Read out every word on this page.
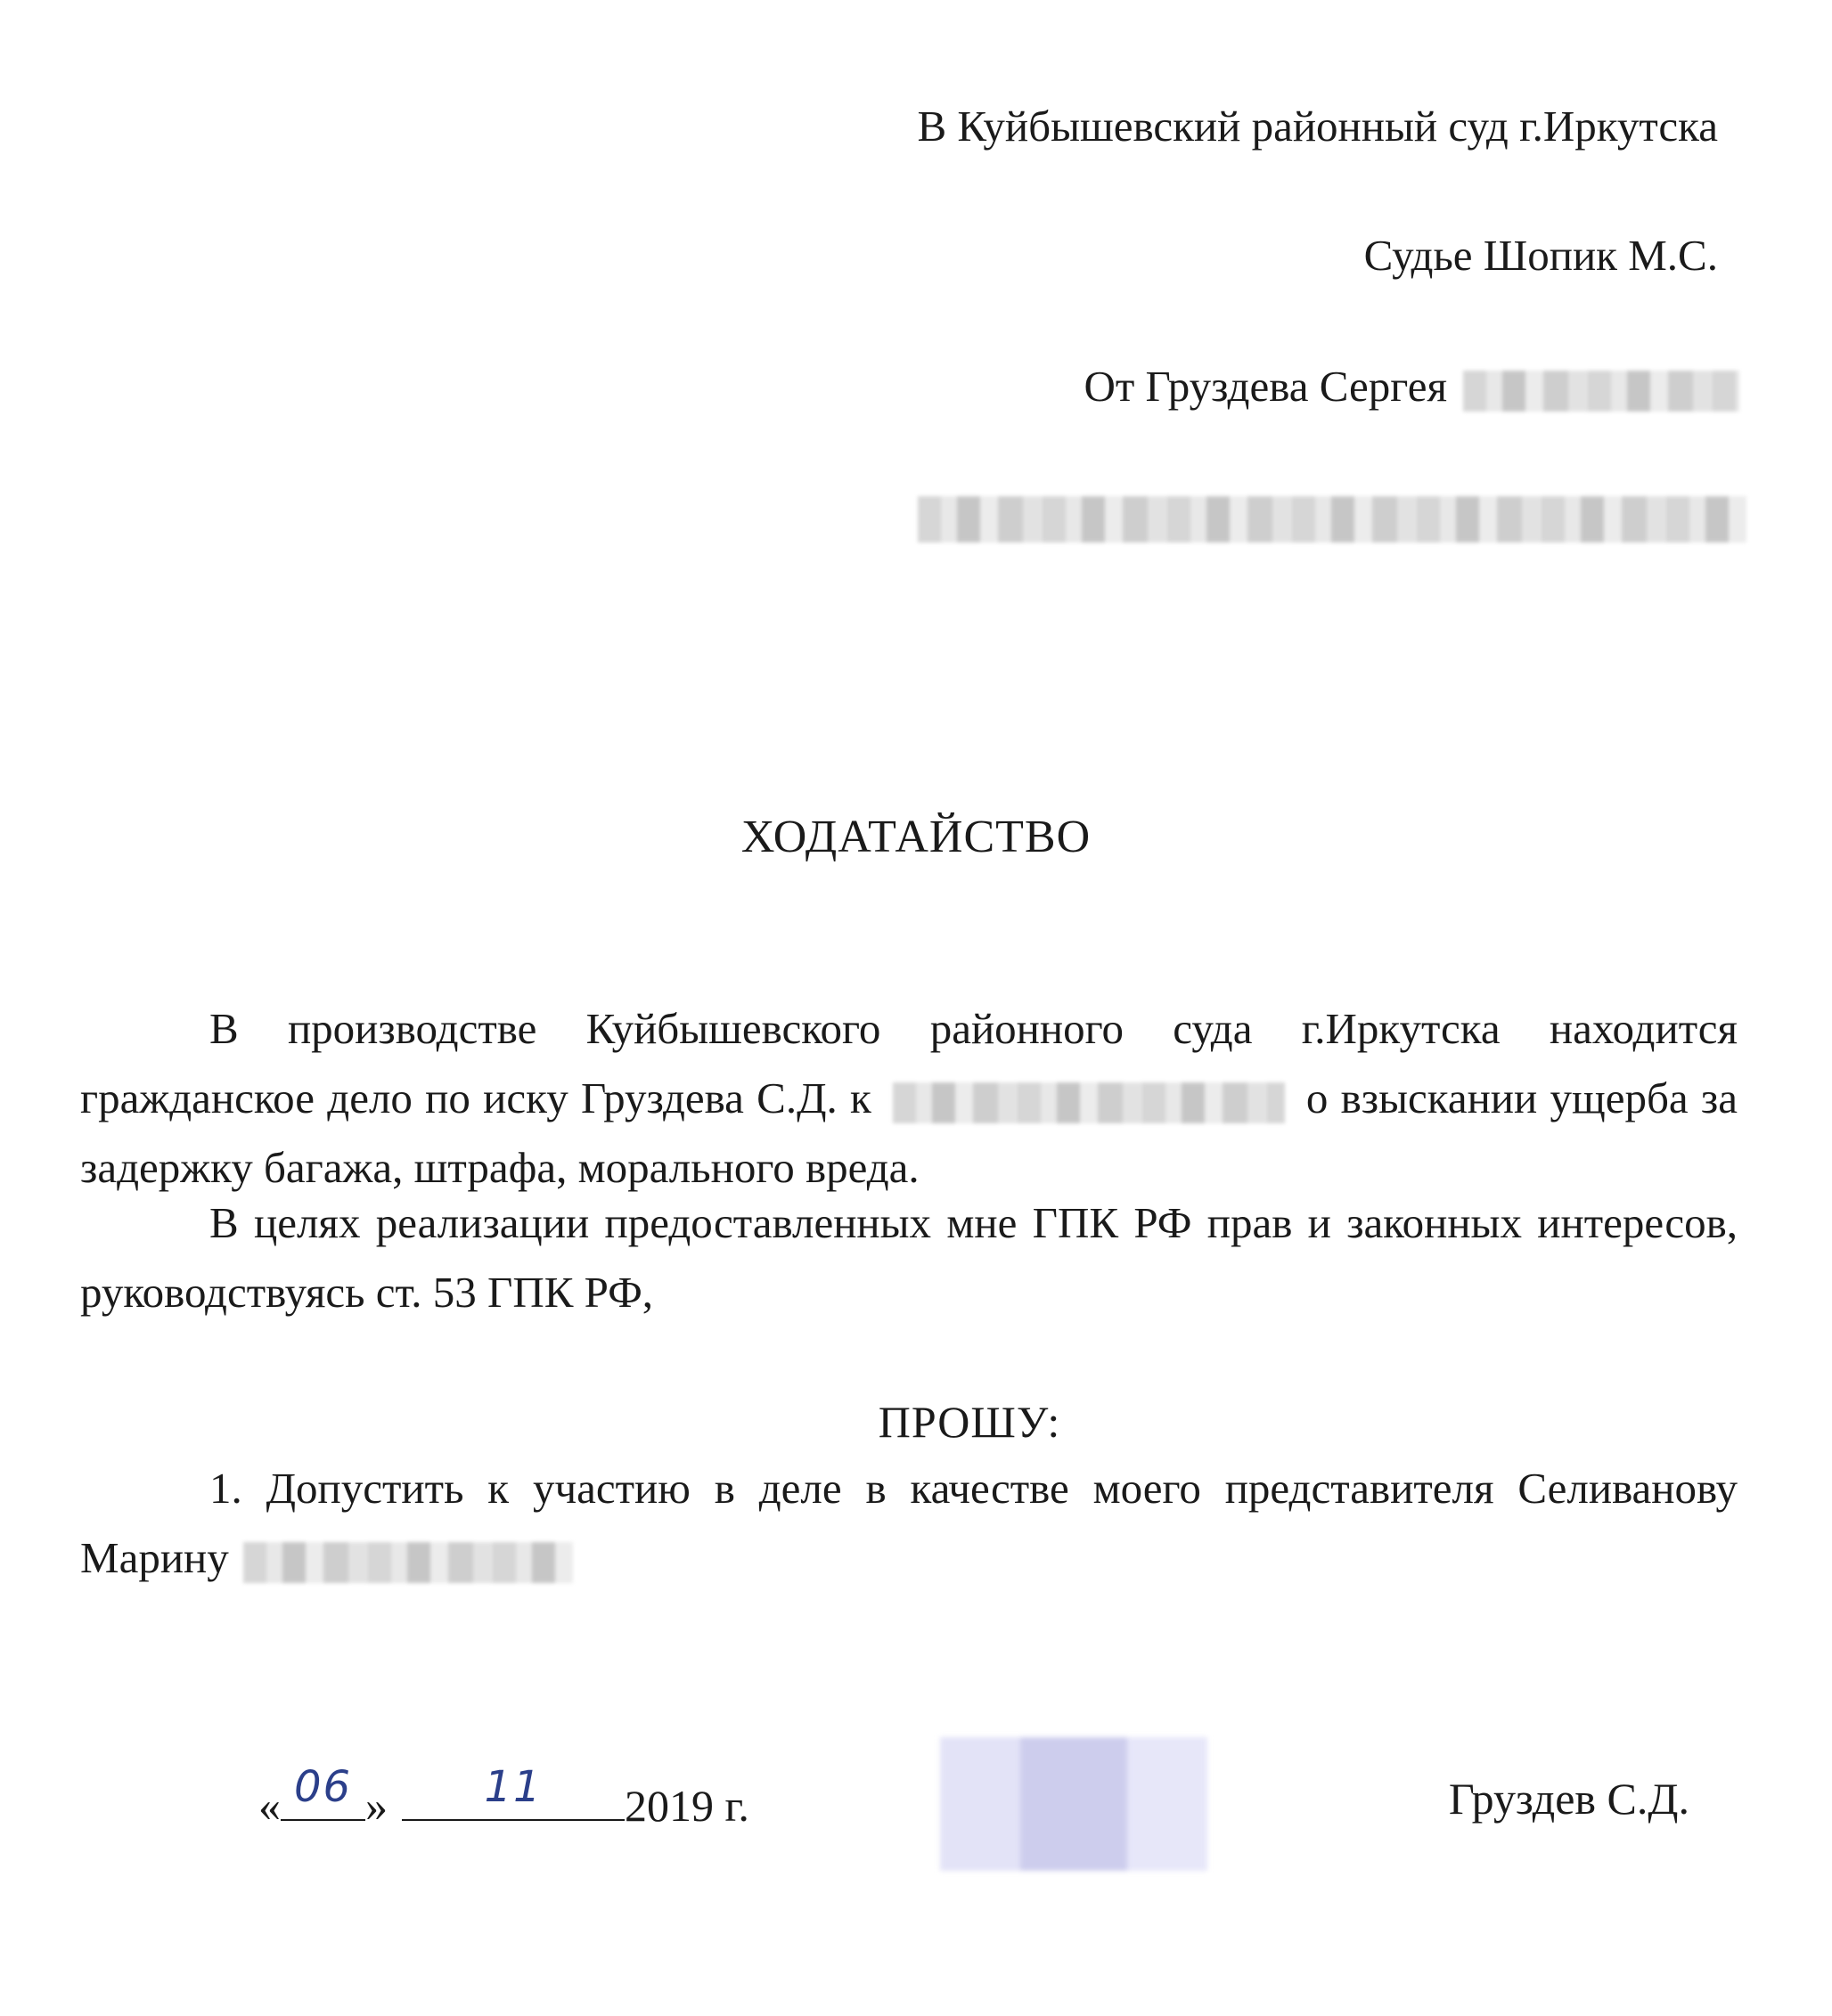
В Куйбышевский районный суд г.Иркутска
Судье Шопик М.С.
От Груздева Сергея
ХОДАТАЙСТВО
В производстве Куйбышевского районного суда г.Иркутска находится гражданское дело по иску Груздева С.Д. к	о взыскании ущерба за задержку багажа, штрафа, морального вреда.
В целях реализации предоставленных мне ГПК РФ прав и законных интересов, руководствуясь ст. 53 ГПК РФ,
ПРОШУ:
1. Допустить к участию в деле в качестве моего представителя Селиванову Марину
« 06 »	11	2019 г.	Груздев С.Д.
